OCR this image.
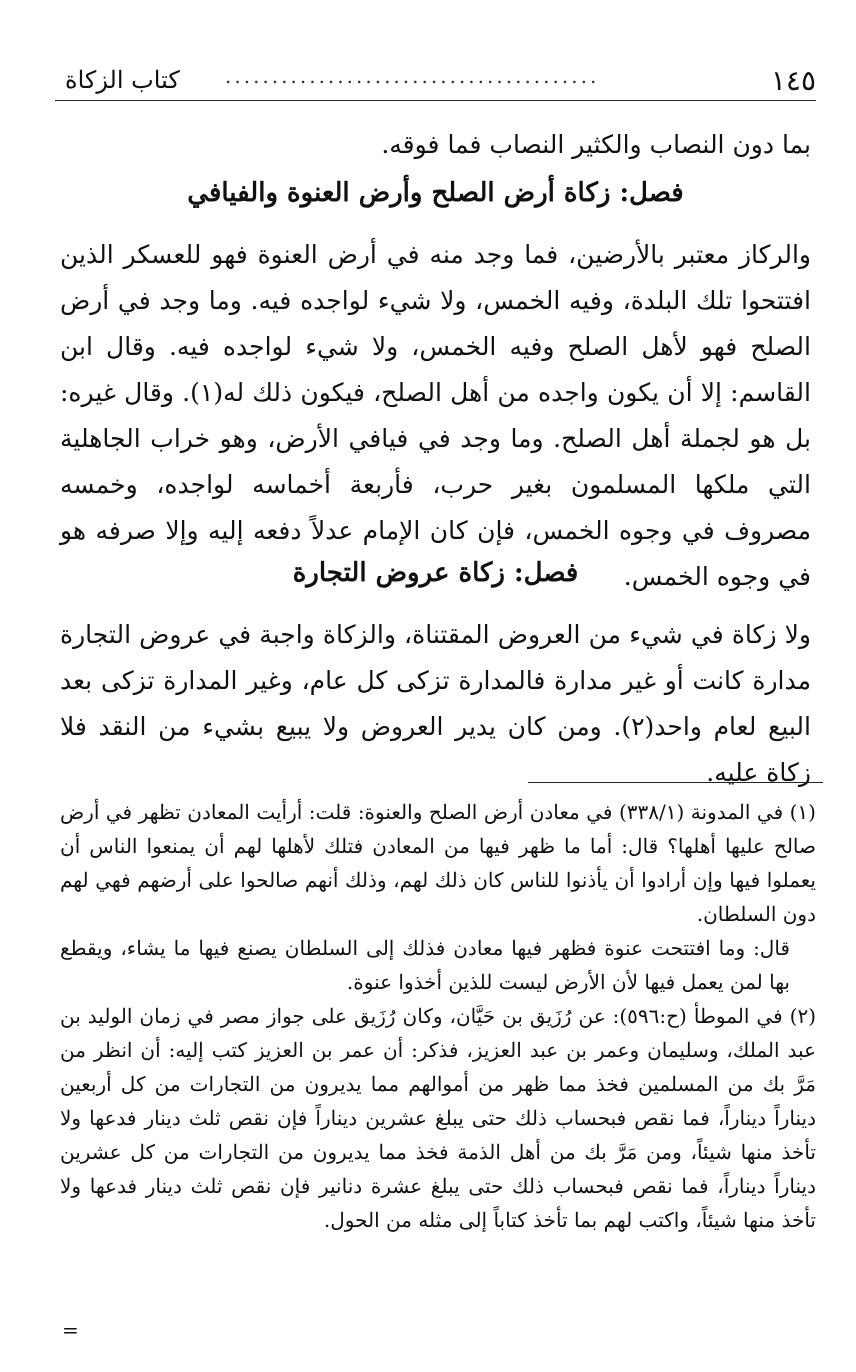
كتاب الزكاة ........................................	١٤٥

بما دون النصاب والكثير النصاب فما فوقه.

فصل: زكاة أرض الصلح وأرض العنوة والفيافي

والركاز معتبر بالأرضين، فما وجد منه في أرض العنوة فهو للعسكر الذين افتتحوا تلك البلدة، وفيه الخمس، ولا شيء لواجده فيه. وما وجد في أرض الصلح فهو لأهل الصلح وفيه الخمس، ولا شيء لواجده فيه. وقال ابن القاسم: إلا أن يكون واجده من أهل الصلح، فيكون ذلك له(١). وقال غيره: بل هو لجملة أهل الصلح. وما وجد في فيافي الأرض، وهو خراب الجاهلية التي ملكها المسلمون بغير حرب، فأربعة أخماسه لواجده، وخمسه مصروف في وجوه الخمس، فإن كان الإمام عدلاً دفعه إليه وإلا صرفه هو في وجوه الخمس.

فصل: زكاة عروض التجارة

ولا زكاة في شيء من العروض المقتناة، والزكاة واجبة في عروض التجارة مدارة كانت أو غير مدارة فالمدارة تزكى كل عام، وغير المدارة تزكى بعد البيع لعام واحد(٢). ومن كان يدير العروض ولا يبيع بشيء من النقد فلا زكاة عليه.

(١) في المدونة (٣٣٨/١) في معادن أرض الصلح والعنوة: قلت: أرأيت المعادن تظهر في أرض صالح عليها أهلها؟ قال: أما ما ظهر فيها من المعادن فتلك لأهلها لهم أن يمنعوا الناس أن يعملوا فيها وإن أرادوا أن يأذنوا للناس كان ذلك لهم، وذلك أنهم صالحوا على أرضهم فهي لهم دون السلطان.

قال: وما افتتحت عنوة فظهر فيها معادن فذلك إلى السلطان يصنع فيها ما يشاء، ويقطع بها لمن يعمل فيها لأن الأرض ليست للذين أخذوا عنوة.

(٢) في الموطأ (ح:٥٩٦): عن رُزَيق بن حَيَّان، وكان رُزَيق على جواز مصر في زمان الوليد بن عبد الملك، وسليمان وعمر بن عبد العزيز، فذكر: أن عمر بن العزيز كتب إليه: أن انظر من مَرَّ بك من المسلمين فخذ مما ظهر من أموالهم مما يديرون من التجارات من كل أربعين ديناراً ديناراً، فما نقص فبحساب ذلك حتى يبلغ عشرين ديناراً فإن نقص ثلث دينار فدعها ولا تأخذ منها شيئاً، ومن مَرَّ بك من أهل الذمة فخذ مما يديرون من التجارات من كل عشرين ديناراً ديناراً، فما نقص فبحساب ذلك حتى يبلغ عشرة دنانير فإن نقص ثلث دينار فدعها ولا تأخذ منها شيئاً، واكتب لهم بما تأخذ كتاباً إلى مثله من الحول.

=
